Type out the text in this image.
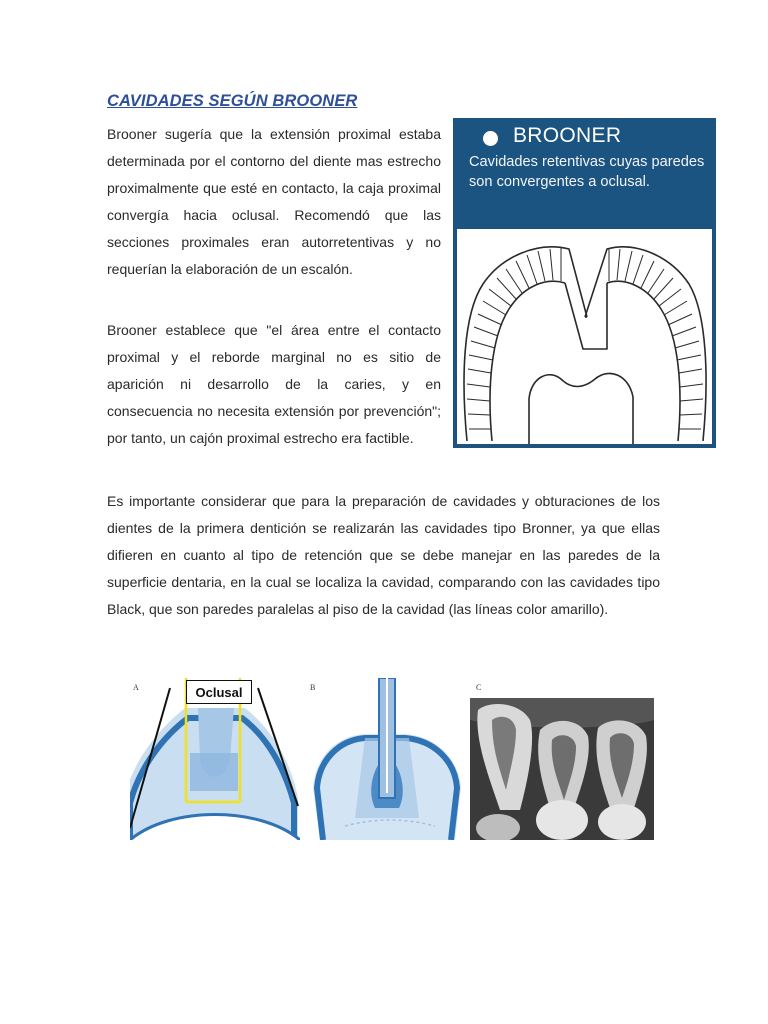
CAVIDADES SEGÚN BROONER

Brooner sugería que la extensión proximal estaba determinada por el contorno del diente mas estrecho proximalmente que esté en contacto, la caja proximal convergía hacia oclusal. Recomendó que las secciones proximales eran autorretentivas y no requerían la elaboración de un escalón.

Brooner establece que "el área entre el contacto proximal y el reborde marginal no es sitio de aparición ni desarrollo de la caries, y en consecuencia no necesita extensión por prevención"; por tanto, un cajón proximal estrecho era factible.

Es importante considerar que para la preparación de cavidades y obturaciones de los dientes de la primera dentición se realizarán las cavidades tipo Bronner, ya que ellas difieren en cuanto al tipo de retención que se debe manejar en las paredes de la superficie dentaria, en la cual se localiza la cavidad, comparando con las cavidades tipo Black, que son paredes paralelas al piso de la cavidad (las líneas color amarillo).

BROONER
Cavidades retentivas cuyas paredes son convergentes a oclusal.
A	Oclusal	B	C
